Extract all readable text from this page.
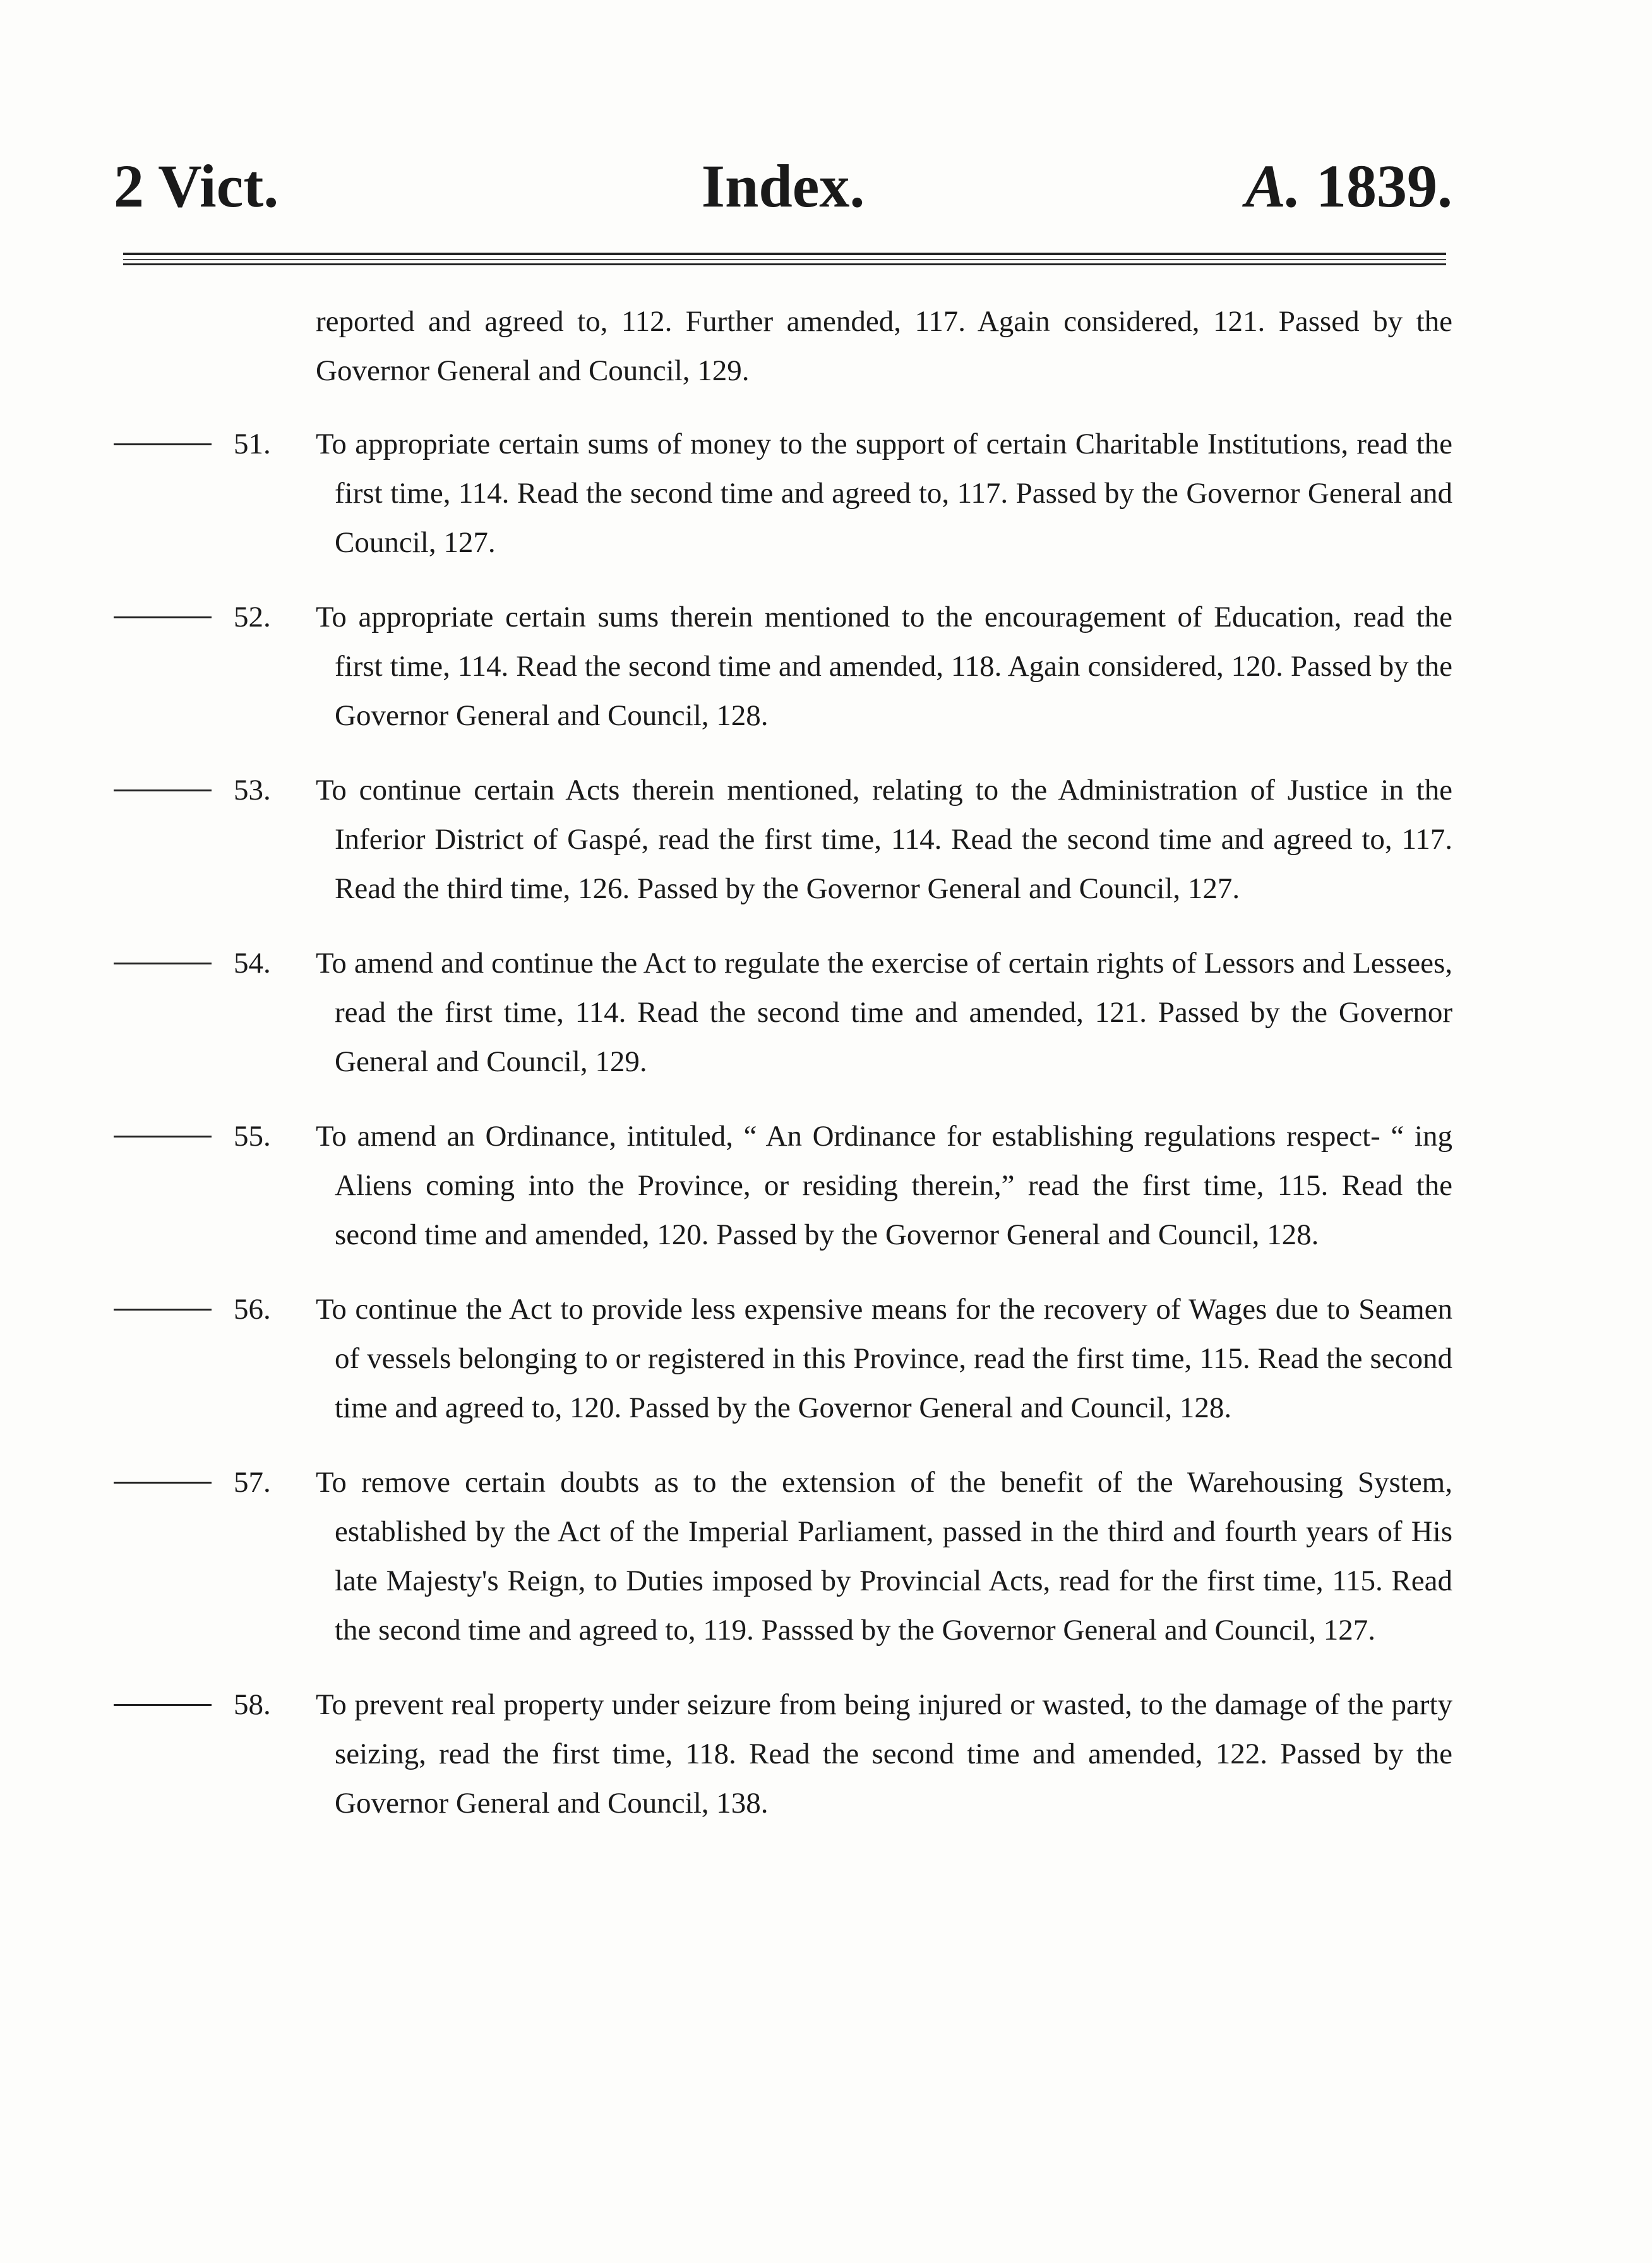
2 Vict.	Index.	A. 1839.
reported and agreed to, 112. Further amended, 117. Again considered, 121. Passed by the Governor General and Council, 129.
51.	To appropriate certain sums of money to the support of certain Charitable Institutions, read the first time, 114. Read the second time and agreed to, 117. Passed by the Governor General and Council, 127.
52.	To appropriate certain sums therein mentioned to the encouragement of Education, read the first time, 114. Read the second time and amended, 118. Again considered, 120. Passed by the Governor General and Council, 128.
53.	To continue certain Acts therein mentioned, relating to the Administration of Justice in the Inferior District of Gaspé, read the first time, 114. Read the second time and agreed to, 117. Read the third time, 126. Passed by the Governor General and Council, 127.
54.	To amend and continue the Act to regulate the exercise of certain rights of Lessors and Lessees, read the first time, 114. Read the second time and amended, 121. Passed by the Governor General and Council, 129.
55.	To amend an Ordinance, intituled, “ An Ordinance for establishing regulations respect- “ ing Aliens coming into the Province, or residing therein,” read the first time, 115. Read the second time and amended, 120. Passed by the Governor General and Council, 128.
56.	To continue the Act to provide less expensive means for the recovery of Wages due to Seamen of vessels belonging to or registered in this Province, read the first time, 115. Read the second time and agreed to, 120. Passed by the Governor General and Council, 128.
57.	To remove certain doubts as to the extension of the benefit of the Warehousing System, established by the Act of the Imperial Parliament, passed in the third and fourth years of His late Majesty's Reign, to Duties imposed by Provincial Acts, read for the first time, 115. Read the second time and agreed to, 119. Passsed by the Governor General and Council, 127.
58.	To prevent real property under seizure from being injured or wasted, to the damage of the party seizing, read the first time, 118. Read the second time and amended, 122. Passed by the Governor General and Council, 138.
